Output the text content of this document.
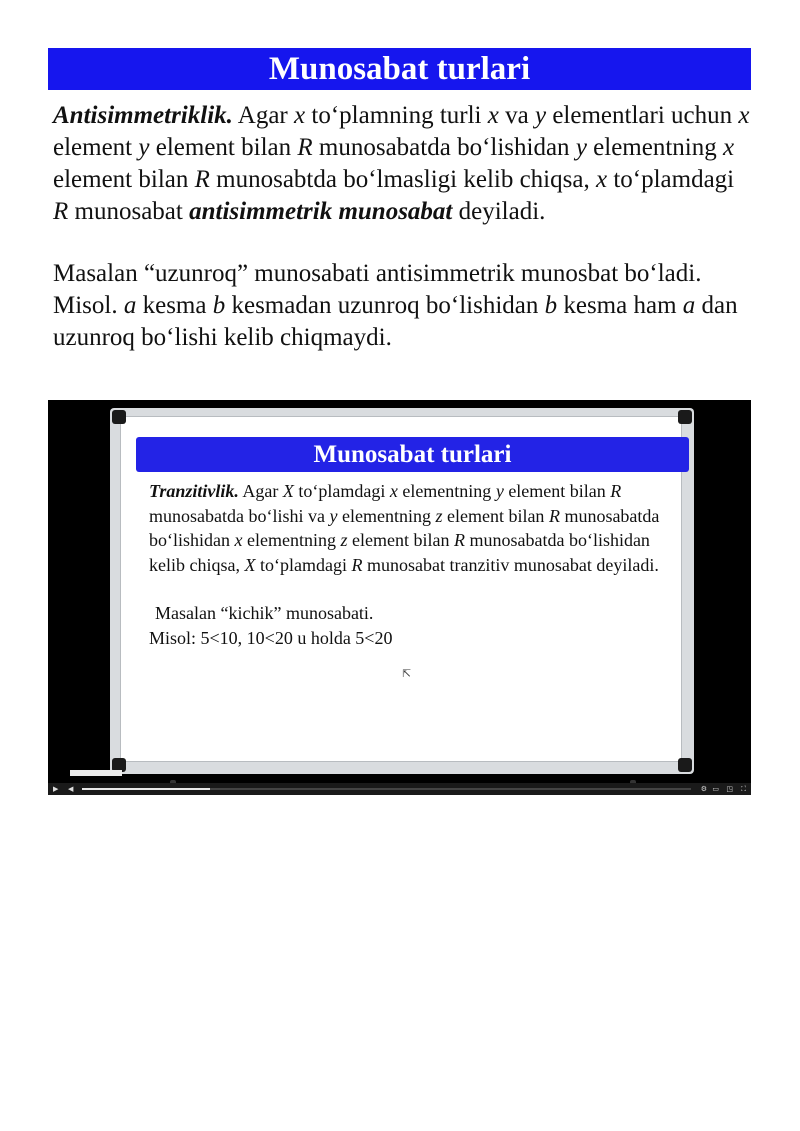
Munosabat turlari

Antisimmetriklik. Agar x to‘plamning turli x va y elementlari uchun x element y element bilan R munosabatda bo‘lishidan y elementning x element bilan R munosabtda bo‘lmasligi kelib chiqsa, x to‘plamdagi R munosabat antisimmetrik munosabat deyiladi.

Masalan “uzunroq” munosabati antisimmetrik munosbat bo‘ladi.

Misol. a kesma b kesmadan uzunroq bo‘lishidan b kesma ham a dan uzunroq bo‘lishi kelib chiqmaydi.

Munosabat turlari

Tranzitivlik. Agar X to‘plamdagi x elementning y element bilan R munosabatda bo‘lishi va y elementning z element bilan R munosabatda bo‘lishidan x elementning z element bilan R munosabatda bo‘lishidan kelib chiqsa, X to‘plamdagi R munosabat tranzitiv munosabat deyiladi.

Masalan “kichik” munosabati.

Misol: 5<10, 10<20 u holda 5<20

⇱
▶ ◀	⚙ ▭ ◳ ⛶
